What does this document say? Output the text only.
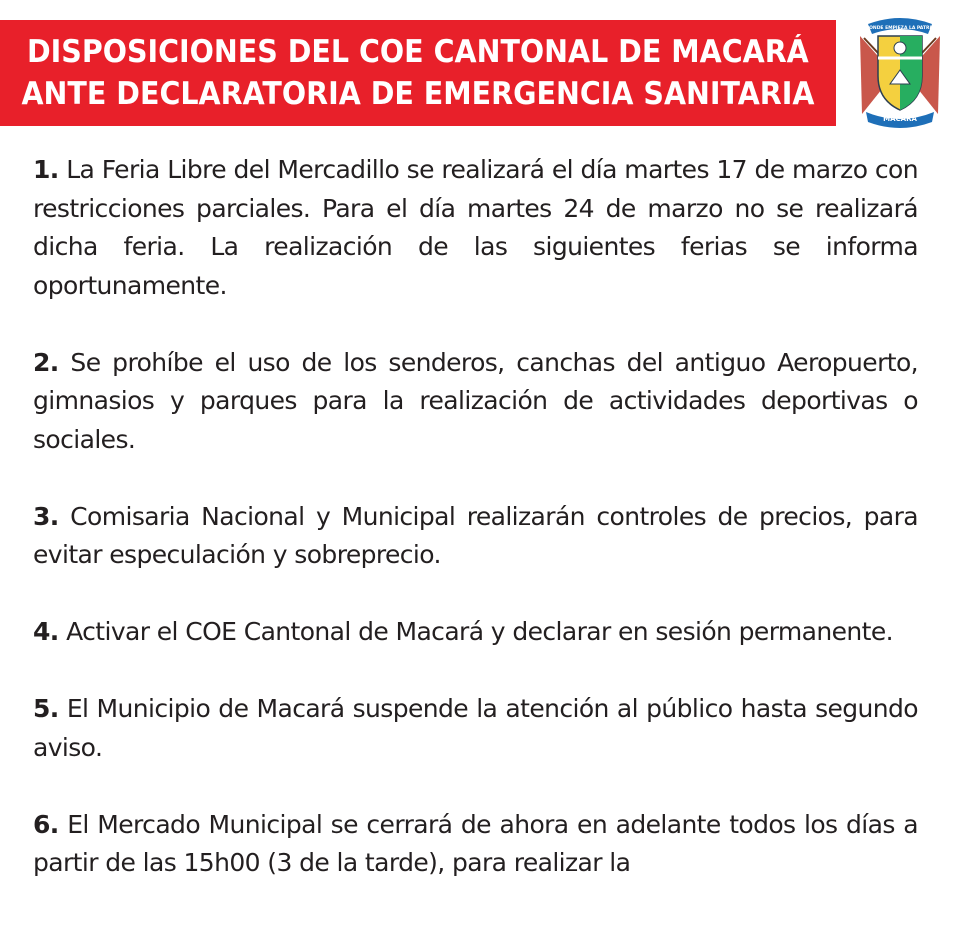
DISPOSICIONES DEL COE CANTONAL DE MACARÁ
ANTE DECLARATORIA DE EMERGENCIA SANITARIA
MACARÁ
DONDE EMPIEZA LA PATRIA

1. La Feria Libre del Mercadillo se realizará el día martes 17 de marzo con restricciones parciales. Para el día martes 24 de marzo no se realizará dicha feria. La realización de las siguientes ferias se informa oportunamente.

2. Se prohíbe el uso de los senderos, canchas del antiguo Aeropuerto, gimnasios y parques para la realización de actividades deportivas o sociales.

3. Comisaria Nacional y Municipal realizarán controles de precios, para evitar especulación y sobreprecio.

4. Activar el COE Cantonal de Macará y declarar en sesión permanente.

5. El Municipio de Macará suspende la atención al público hasta segundo aviso.

6. El Mercado Municipal se cerrará de ahora en adelante todos los días a partir de las 15h00 (3 de la tarde), para realizar la
